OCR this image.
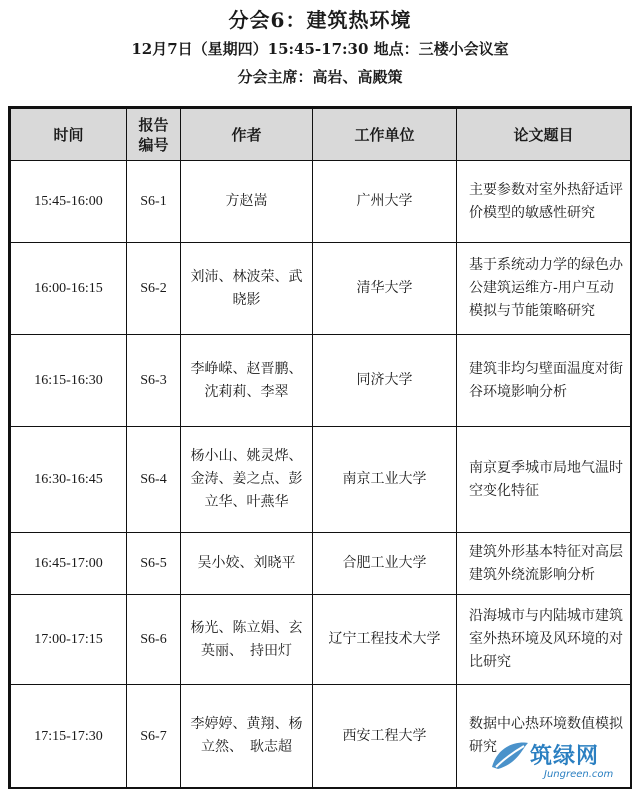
分会6：建筑热环境
12月7日（星期四）15:45-17:30 地点：三楼小会议室
分会主席：高岩、高殿策
时间	报告编号	作者	工作单位	论文题目
15:45-16:00	S6-1	方赵嵩	广州大学	主要参数对室外热舒适评价模型的敏感性研究
16:00-16:15	S6-2	刘沛、林波荣、武晓影	清华大学	基于系统动力学的绿色办公建筑运维方-用户互动模拟与节能策略研究
16:15-16:30	S6-3	李峥嵘、赵晋鹏、沈莉莉、李翠	同济大学	建筑非均匀壁面温度对街谷环境影响分析
16:30-16:45	S6-4	杨小山、姚灵烨、金涛、姜之点、彭立华、叶燕华	南京工业大学	南京夏季城市局地气温时空变化特征
16:45-17:00	S6-5	吴小姣、刘晓平	合肥工业大学	建筑外形基本特征对高层建筑外绕流影响分析
17:00-17:15	S6-6	杨光、陈立娟、玄英丽、　持田灯	辽宁工程技术大学	沿海城市与内陆城市建筑室外热环境及风环境的对比研究
17:15-17:30	S6-7	李婷婷、黄翔、杨立然、　耿志超	西安工程大学	数据中心热环境数值模拟研究 筑绿网
Jungreen.com
